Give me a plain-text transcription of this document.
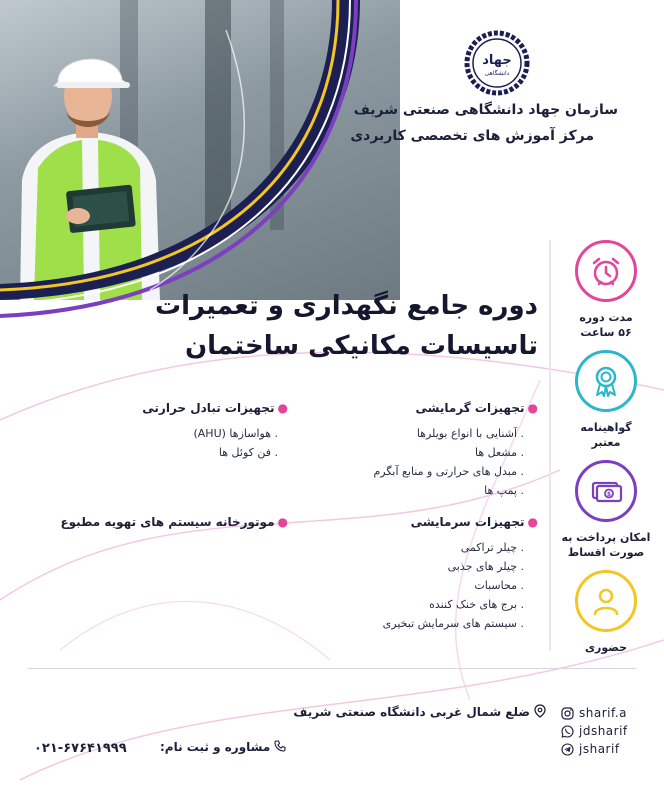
جهاد
دانشگاهی
سازمان جهاد دانشگاهی صنعتی شریف
مرکز آموزش های تخصصی کاربردی
دوره جامع نگهداری و تعمیرات
تاسیسات مکانیکی ساختمان
مدت دوره
۵۶ ساعت
گواهینامه
معتبر
$
امکان پرداخت به
صورت اقساط
حضوری
●تجهیزات گرمایشی
. آشنایی با انواع بویلرها
. مشعل ها
. مبدل های حرارتی و منابع آبگرم
. پمپ ها
●تجهیزات تبادل حرارتی
. هواسازها (AHU)
. فن کوئل ها
●تجهیزات سرمایشی
. چیلر تراکمی
. چیلر های جذبی
. محاسبات
. برج های خنک کننده
. سیستم های سرمایش تبخیری
●موتورخانه سیستم های تهویه مطبوع
ضلع شمال غربی دانشگاه صنعتی شریف
مشاوره و ثبت نام:
۰۲۱-۶۷۶۴۱۹۹۹
sharif.a
jdsharif
jsharif
